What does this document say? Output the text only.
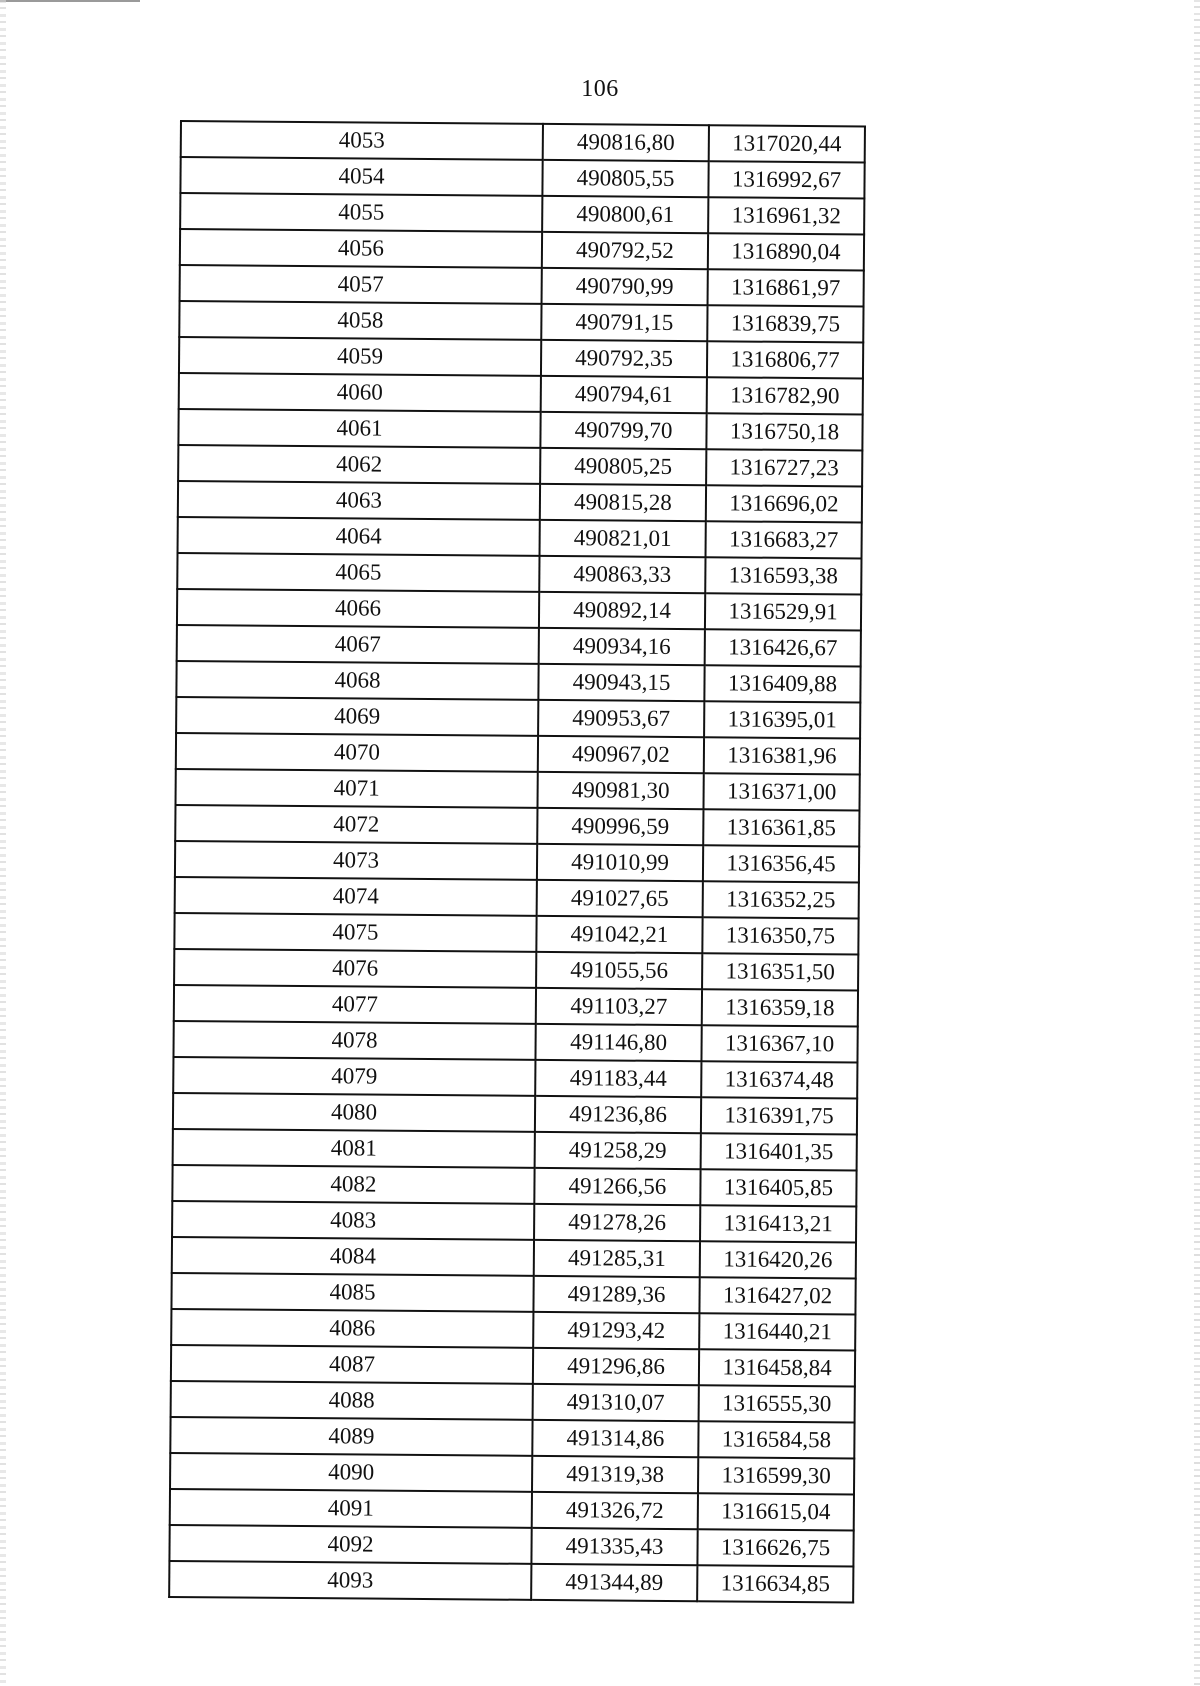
106
4053	490816,80	1317020,44
4054	490805,55	1316992,67
4055	490800,61	1316961,32
4056	490792,52	1316890,04
4057	490790,99	1316861,97
4058	490791,15	1316839,75
4059	490792,35	1316806,77
4060	490794,61	1316782,90
4061	490799,70	1316750,18
4062	490805,25	1316727,23
4063	490815,28	1316696,02
4064	490821,01	1316683,27
4065	490863,33	1316593,38
4066	490892,14	1316529,91
4067	490934,16	1316426,67
4068	490943,15	1316409,88
4069	490953,67	1316395,01
4070	490967,02	1316381,96
4071	490981,30	1316371,00
4072	490996,59	1316361,85
4073	491010,99	1316356,45
4074	491027,65	1316352,25
4075	491042,21	1316350,75
4076	491055,56	1316351,50
4077	491103,27	1316359,18
4078	491146,80	1316367,10
4079	491183,44	1316374,48
4080	491236,86	1316391,75
4081	491258,29	1316401,35
4082	491266,56	1316405,85
4083	491278,26	1316413,21
4084	491285,31	1316420,26
4085	491289,36	1316427,02
4086	491293,42	1316440,21
4087	491296,86	1316458,84
4088	491310,07	1316555,30
4089	491314,86	1316584,58
4090	491319,38	1316599,30
4091	491326,72	1316615,04
4092	491335,43	1316626,75
4093	491344,89	1316634,85
